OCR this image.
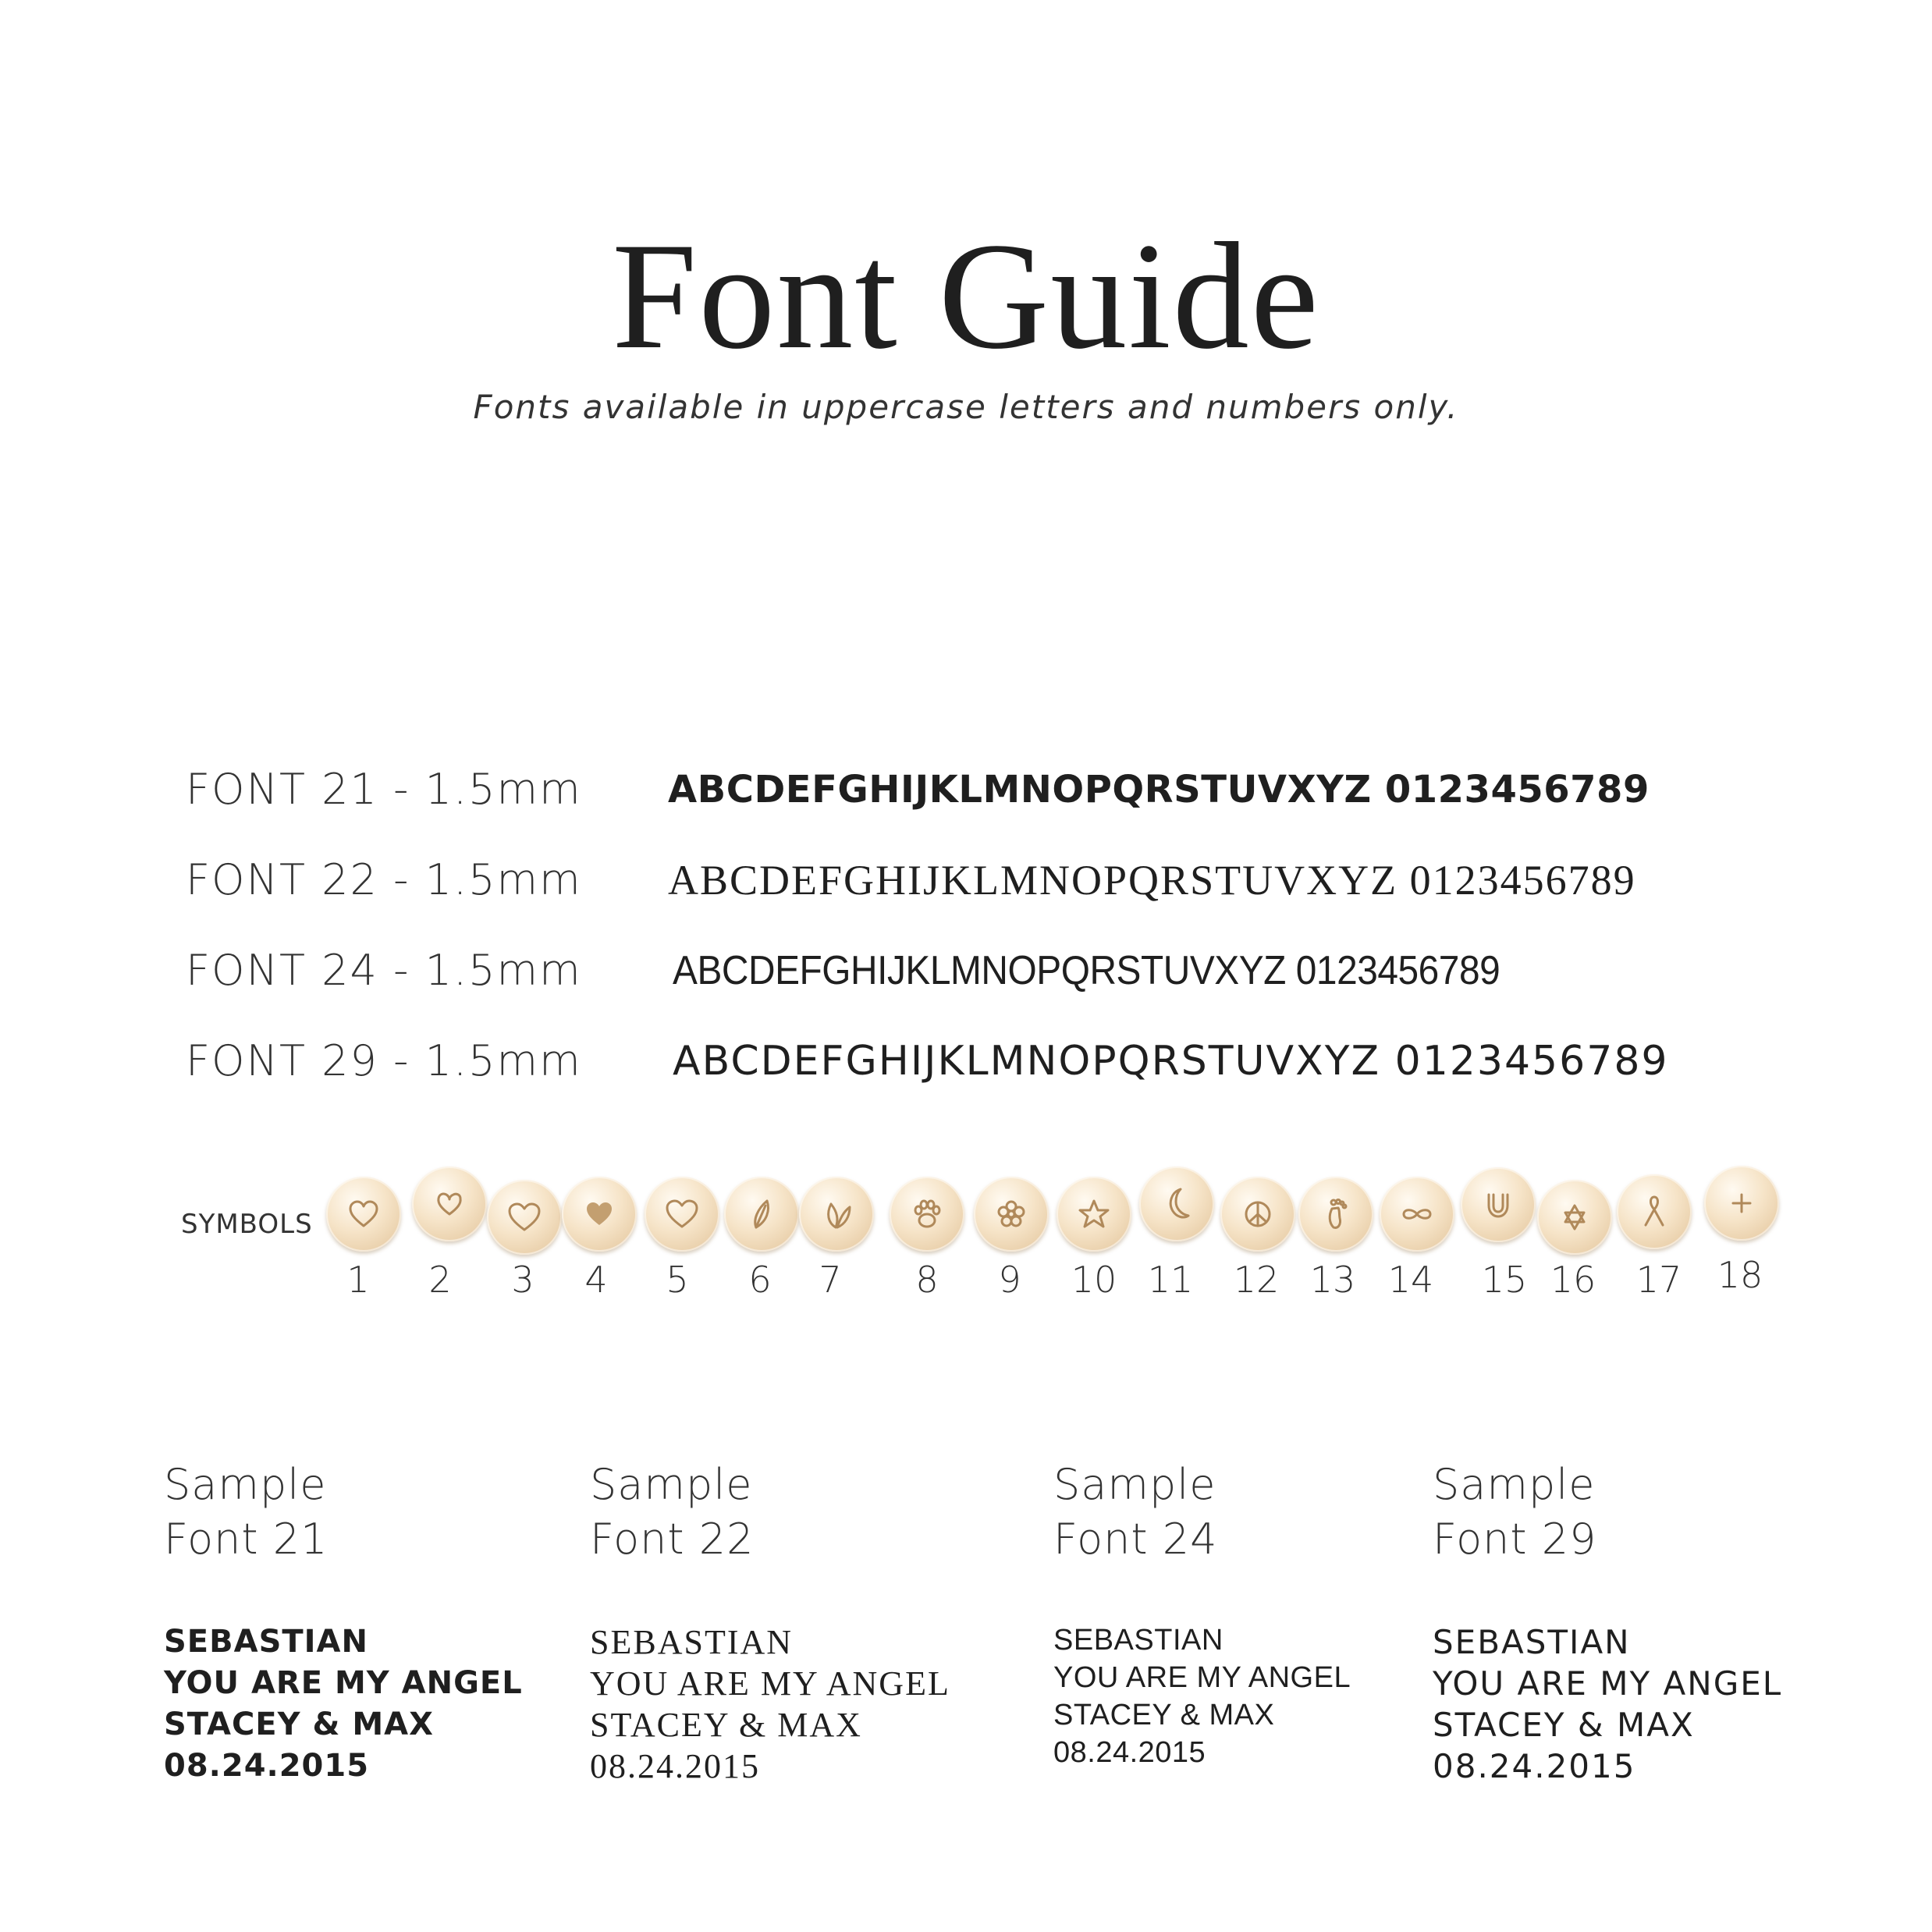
Font Guide
Fonts available in uppercase letters and numbers only.
FONT 21 - 1.5mm ABCDEFGHIJKLMNOPQRSTUVXYZ 0123456789
FONT 22 - 1.5mm ABCDEFGHIJKLMNOPQRSTUVXYZ 0123456789
FONT 24 - 1.5mm ABCDEFGHIJKLMNOPQRSTUVXYZ 0123456789
FONT 29 - 1.5mm ABCDEFGHIJKLMNOPQRSTUVXYZ 0123456789
SYMBOLS
1	2	3	4	5	6	7	8	9	10 11 12 13 14 15 16 17 18
Sample
Font 21
SEBASTIAN
YOU ARE MY ANGEL
STACEY & MAX
08.24.2015
Sample
Font 22
SEBASTIAN
YOU ARE MY ANGEL
STACEY & MAX
08.24.2015
Sample
Font 24
SEBASTIAN
YOU ARE MY ANGEL
STACEY & MAX
08.24.2015
Sample
Font 29
SEBASTIAN
YOU ARE MY ANGEL
STACEY & MAX
08.24.2015
